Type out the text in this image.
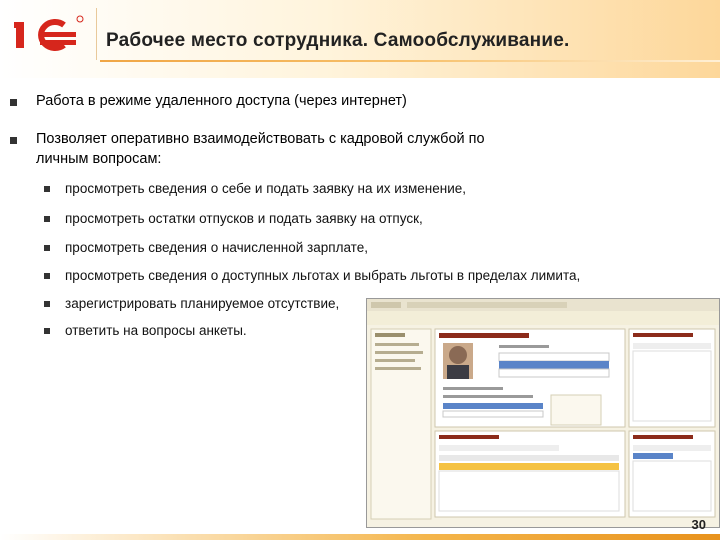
Рабочее место сотрудника. Самообслуживание.
Работа в режиме удаленного доступа (через интернет)
Позволяет оперативно взаимодействовать с кадровой службой по
личным вопросам:
просмотреть сведения о себе и подать заявку на их изменение,
просмотреть остатки отпусков и подать заявку на отпуск,
просмотреть сведения о начисленной зарплате,
просмотреть сведения о доступных льготах и выбрать льготы в пределах лимита,
зарегистрировать планируемое отсутствие,
ответить на вопросы анкеты.
30
